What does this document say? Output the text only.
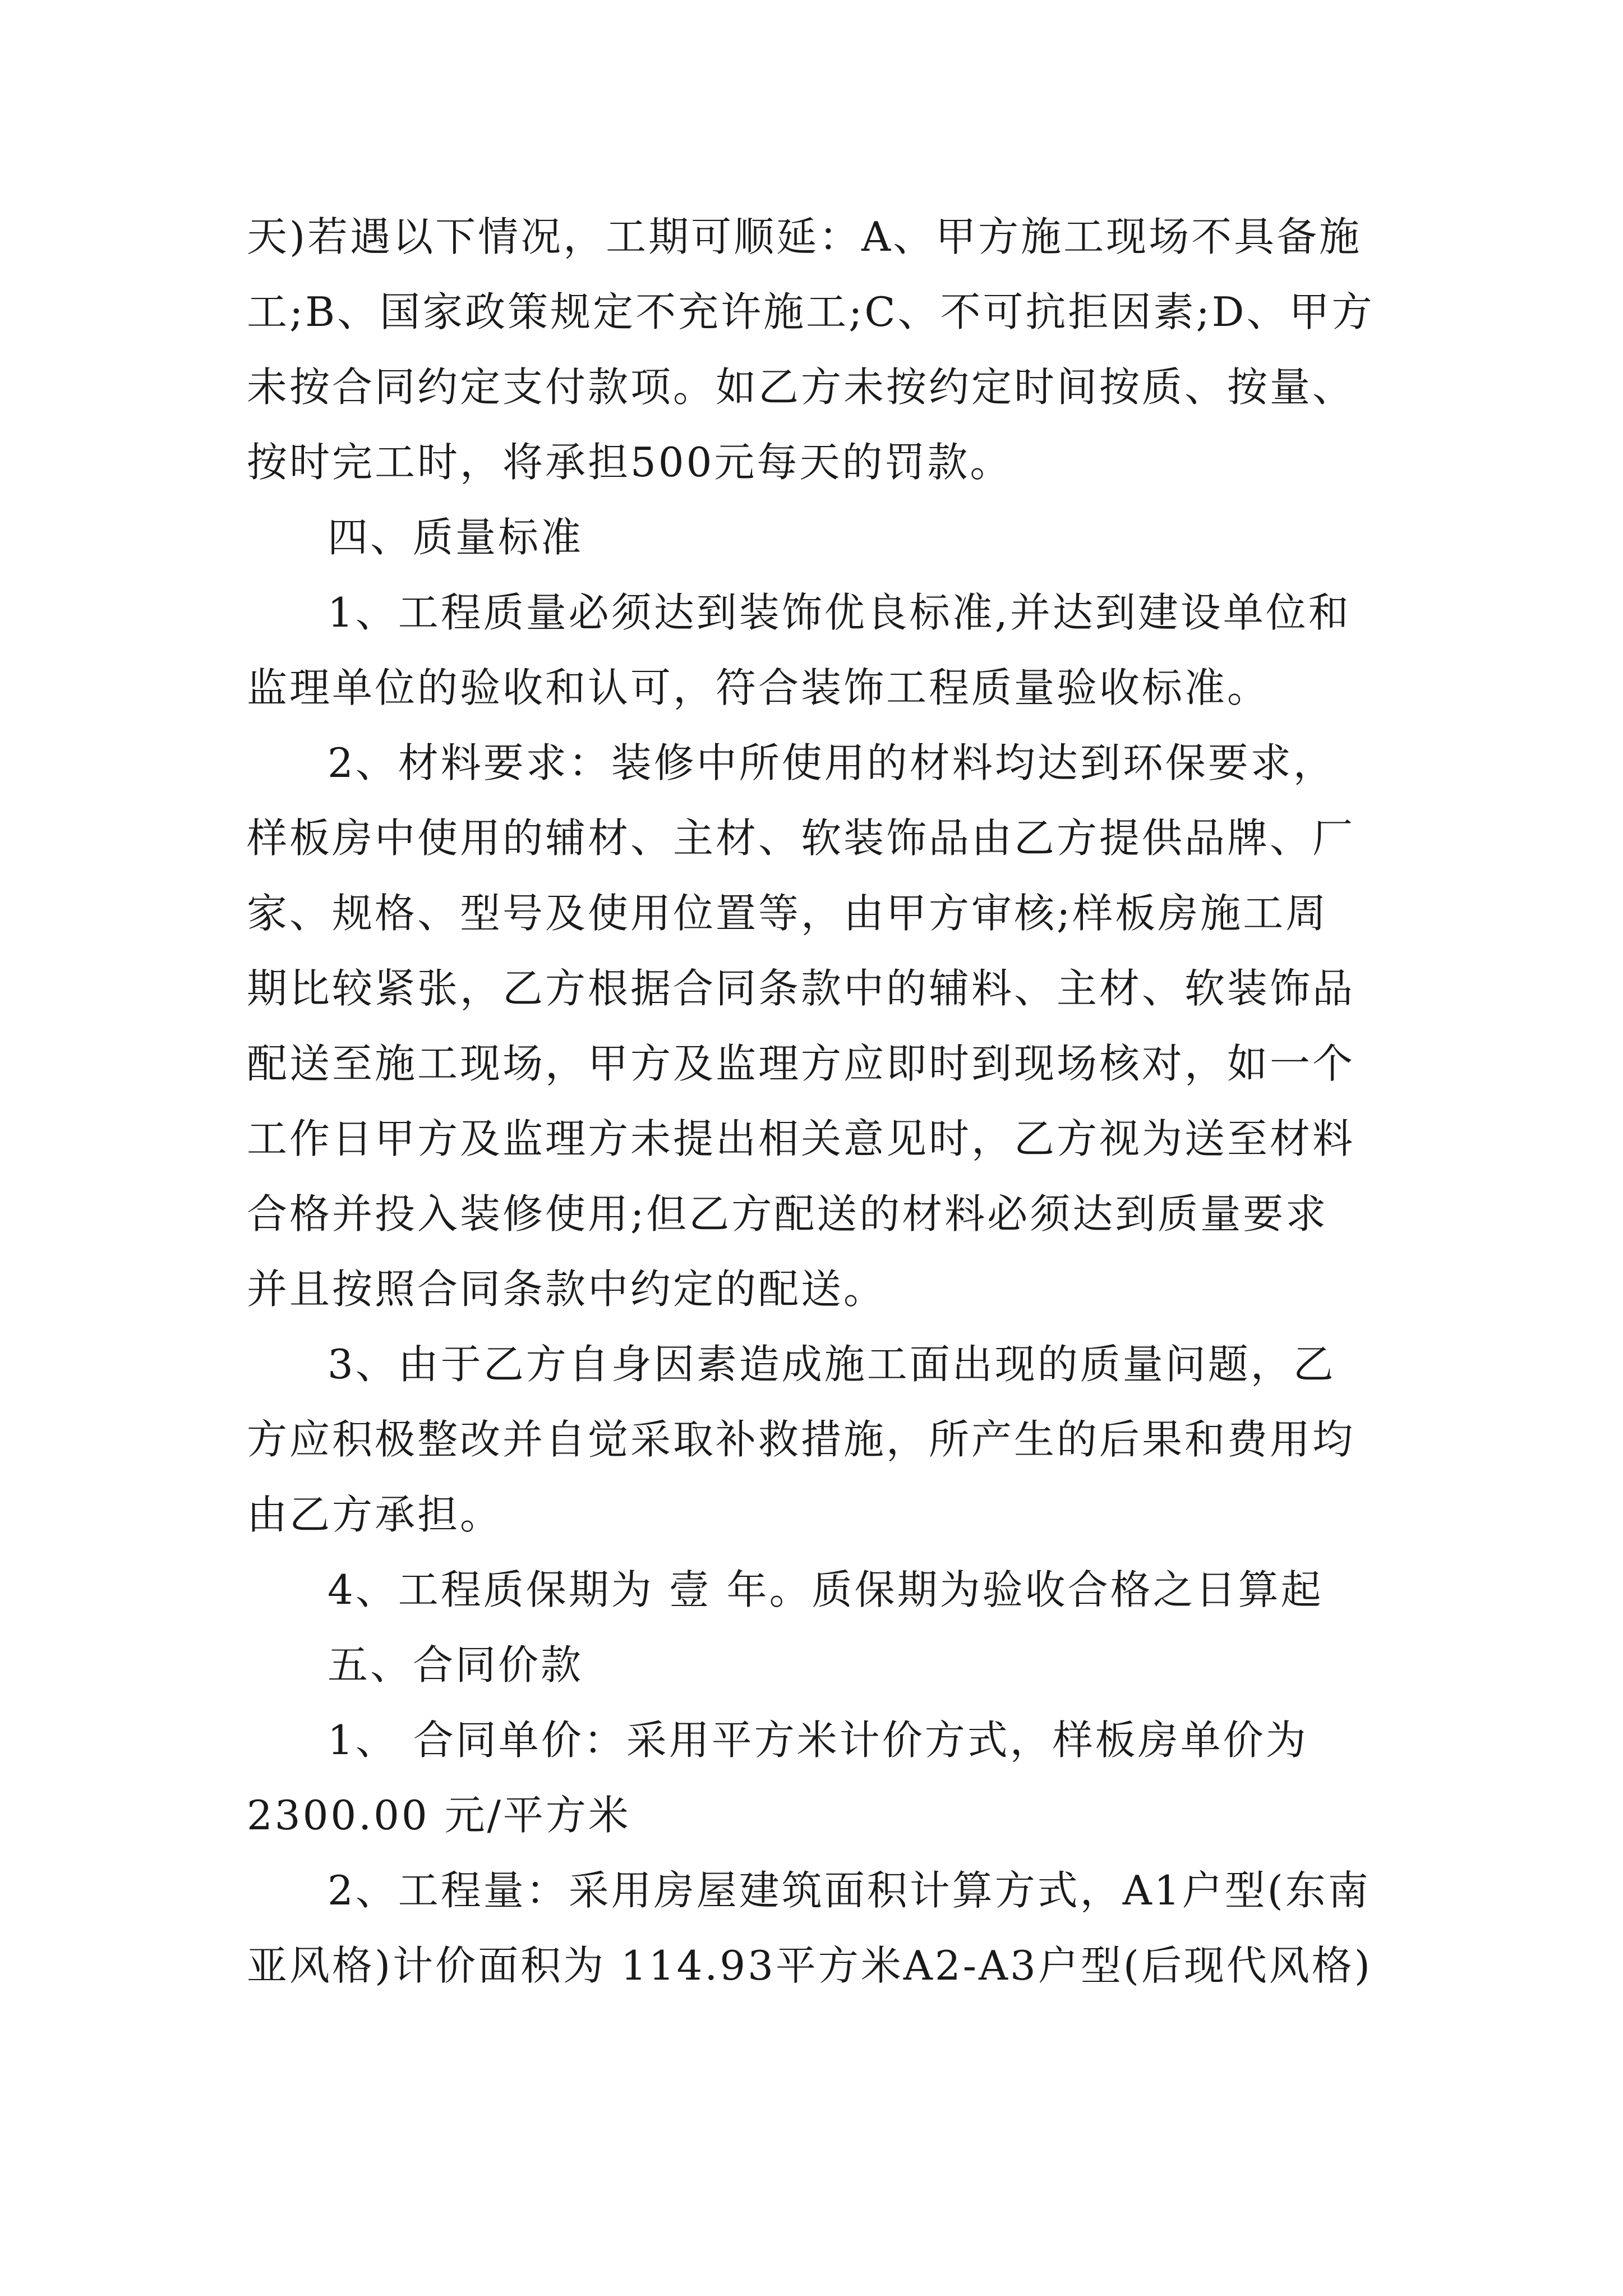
天)若遇以下情况，工期可顺延：A、甲方施工现场不具备施

工;B、国家政策规定不充许施工;C、不可抗拒因素;D、甲方

未按合同约定支付款项。如乙方未按约定时间按质、按量、

按时完工时，将承担500元每天的罚款。

四、质量标准

1、工程质量必须达到装饰优良标准,并达到建设单位和

监理单位的验收和认可，符合装饰工程质量验收标准。

2、材料要求：装修中所使用的材料均达到环保要求，

样板房中使用的辅材、主材、软装饰品由乙方提供品牌、厂

家、规格、型号及使用位置等，由甲方审核;样板房施工周

期比较紧张，乙方根据合同条款中的辅料、主材、软装饰品

配送至施工现场，甲方及监理方应即时到现场核对，如一个

工作日甲方及监理方未提出相关意见时，乙方视为送至材料

合格并投入装修使用;但乙方配送的材料必须达到质量要求

并且按照合同条款中约定的配送。

3、由于乙方自身因素造成施工面出现的质量问题，乙

方应积极整改并自觉采取补救措施，所产生的后果和费用均

由乙方承担。

4、工程质保期为 壹 年。质保期为验收合格之日算起

五、合同价款

1、 合同单价：采用平方米计价方式，样板房单价为

2300.00 元/平方米

2、工程量：采用房屋建筑面积计算方式，A1户型(东南

亚风格)计价面积为 114.93平方米A2-A3户型(后现代风格)
